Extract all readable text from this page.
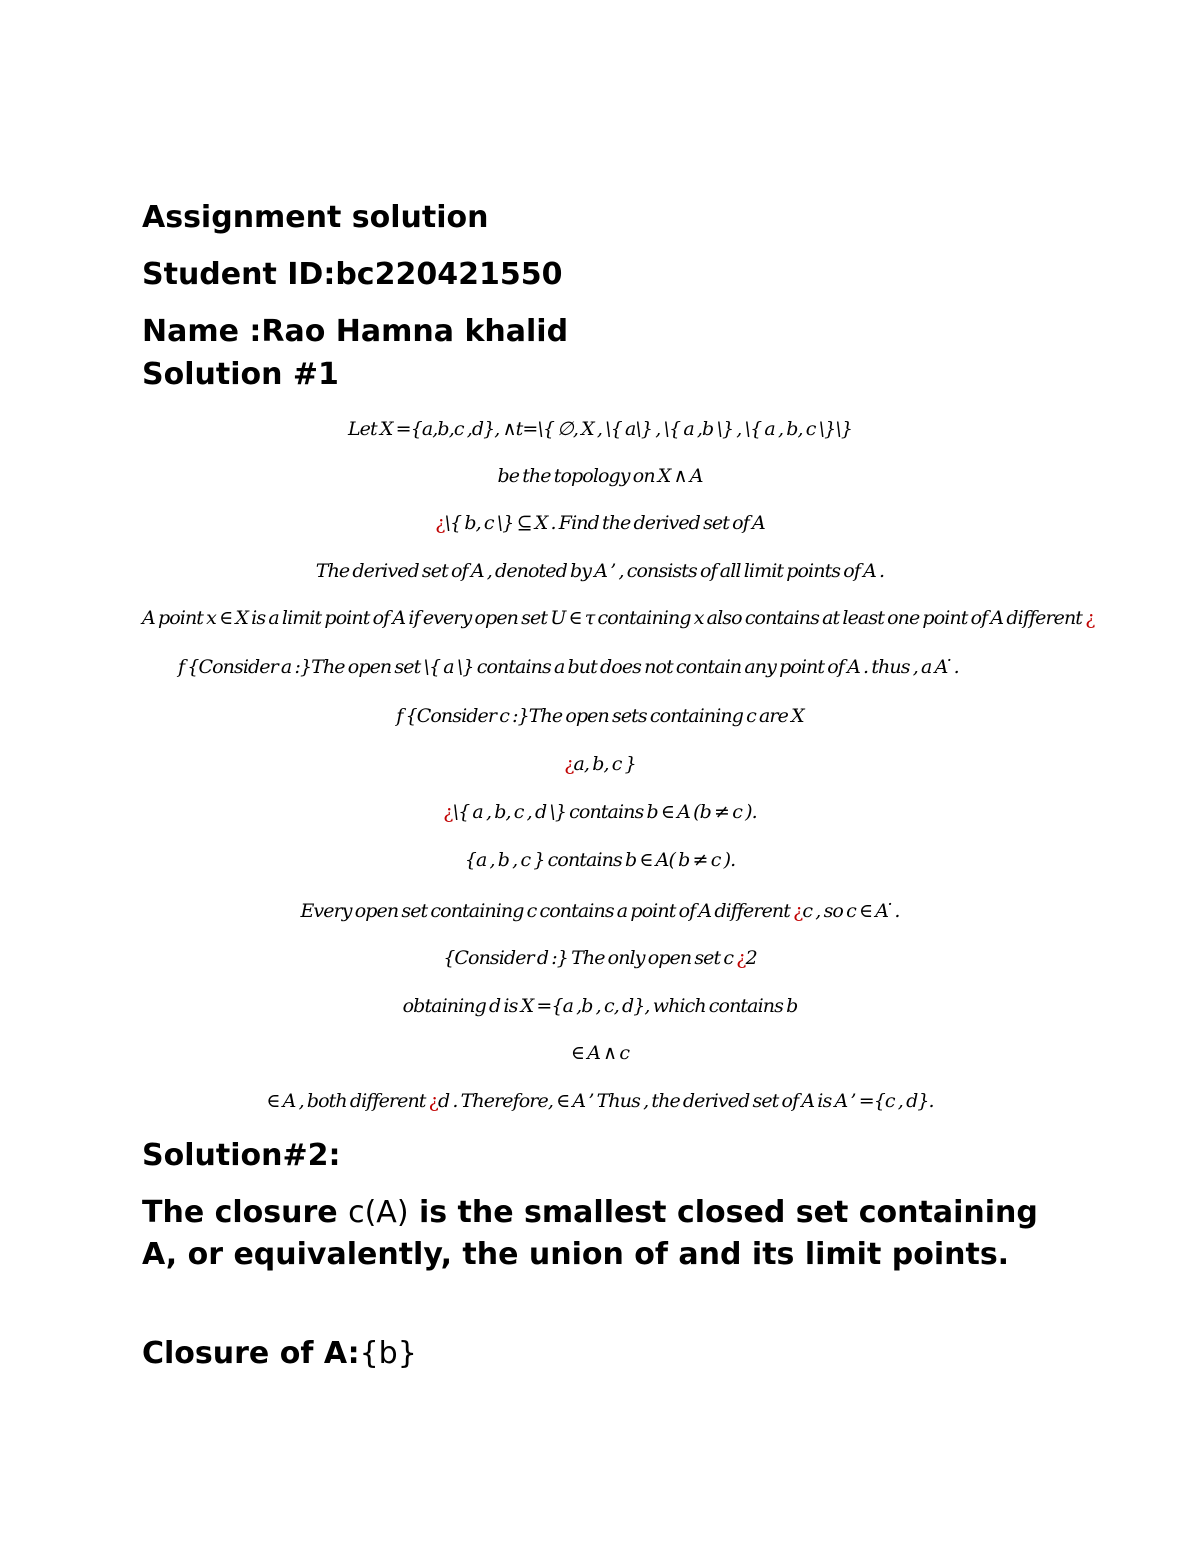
Assignment solution
Student ID:bc220421550
Name :Rao Hamna khalid
Solution #1

Let X ={a,b,c ,d}, ∧t=\{ ∅, X , \{ a\} , \{ a ,b \} , \{ a , b, c \}\}

be the topology on X ∧ A

¿\{ b, c \} ⊆ X . Find the derived set of A

The derived set of A , denoted by A ’ , consists of all limit points of A .

A point x ∈ X is a limit point of A if every open set U ∈ τ containing x also contains at least one point of A different ¿

f {Consider a :}The open set \{ a \} contains a but does not contain any point of A . thus , a A ̇ .

f {Consider c :}The open sets containing c are X

¿a, b, c }

¿\{ a , b, c , d \} contains b ∈ A (b ≠ c ).

{a , b , c } contains b ∈ A( b ≠ c ).

Every open set containing c contains a point of A different ¿c , so c ∈ A ̇ .

{Consider d :} The only open set c ¿2

obtaining d is X ={a ,b , c, d}, which contains b

∈ A ∧ c

∈ A , both different ¿d . Therefore, ∈ A ’ Thus , the derived set of A is A ’ ={c , d}.

Solution#2:

The closure c(A) is the smallest closed set containing A, or equivalently, the union of and its limit points.

Closure of A:{b}
